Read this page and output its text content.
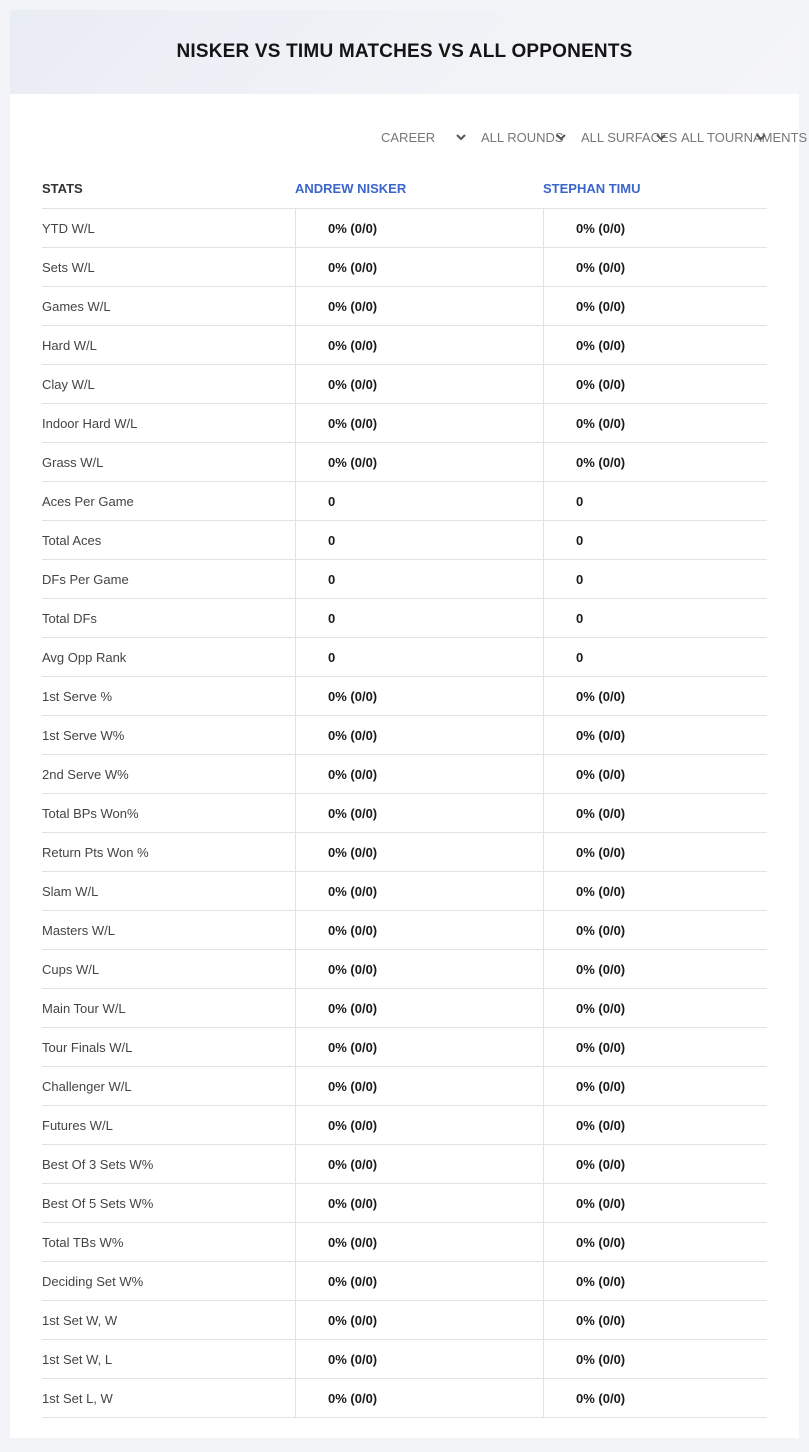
NISKER VS TIMU MATCHES VS ALL OPPONENTS
CAREER	ALL ROUNDS ALL SURFACES ALL TOURNAMENTS
STATS	ANDREW NISKER	STEPHAN TIMU
YTD W/L	0% (0/0)	0% (0/0)
Sets W/L	0% (0/0)	0% (0/0)
Games W/L	0% (0/0)	0% (0/0)
Hard W/L	0% (0/0)	0% (0/0)
Clay W/L	0% (0/0)	0% (0/0)
Indoor Hard W/L	0% (0/0)	0% (0/0)
Grass W/L	0% (0/0)	0% (0/0)
Aces Per Game	0	0
Total Aces	0	0
DFs Per Game	0	0
Total DFs	0	0
Avg Opp Rank	0	0
1st Serve %	0% (0/0)	0% (0/0)
1st Serve W%	0% (0/0)	0% (0/0)
2nd Serve W%	0% (0/0)	0% (0/0)
Total BPs Won%	0% (0/0)	0% (0/0)
Return Pts Won %	0% (0/0)	0% (0/0)
Slam W/L	0% (0/0)	0% (0/0)
Masters W/L	0% (0/0)	0% (0/0)
Cups W/L	0% (0/0)	0% (0/0)
Main Tour W/L	0% (0/0)	0% (0/0)
Tour Finals W/L	0% (0/0)	0% (0/0)
Challenger W/L	0% (0/0)	0% (0/0)
Futures W/L	0% (0/0)	0% (0/0)
Best Of 3 Sets W%	0% (0/0)	0% (0/0)
Best Of 5 Sets W%	0% (0/0)	0% (0/0)
Total TBs W%	0% (0/0)	0% (0/0)
Deciding Set W%	0% (0/0)	0% (0/0)
1st Set W, W	0% (0/0)	0% (0/0)
1st Set W, L	0% (0/0)	0% (0/0)
1st Set L, W	0% (0/0)	0% (0/0)
